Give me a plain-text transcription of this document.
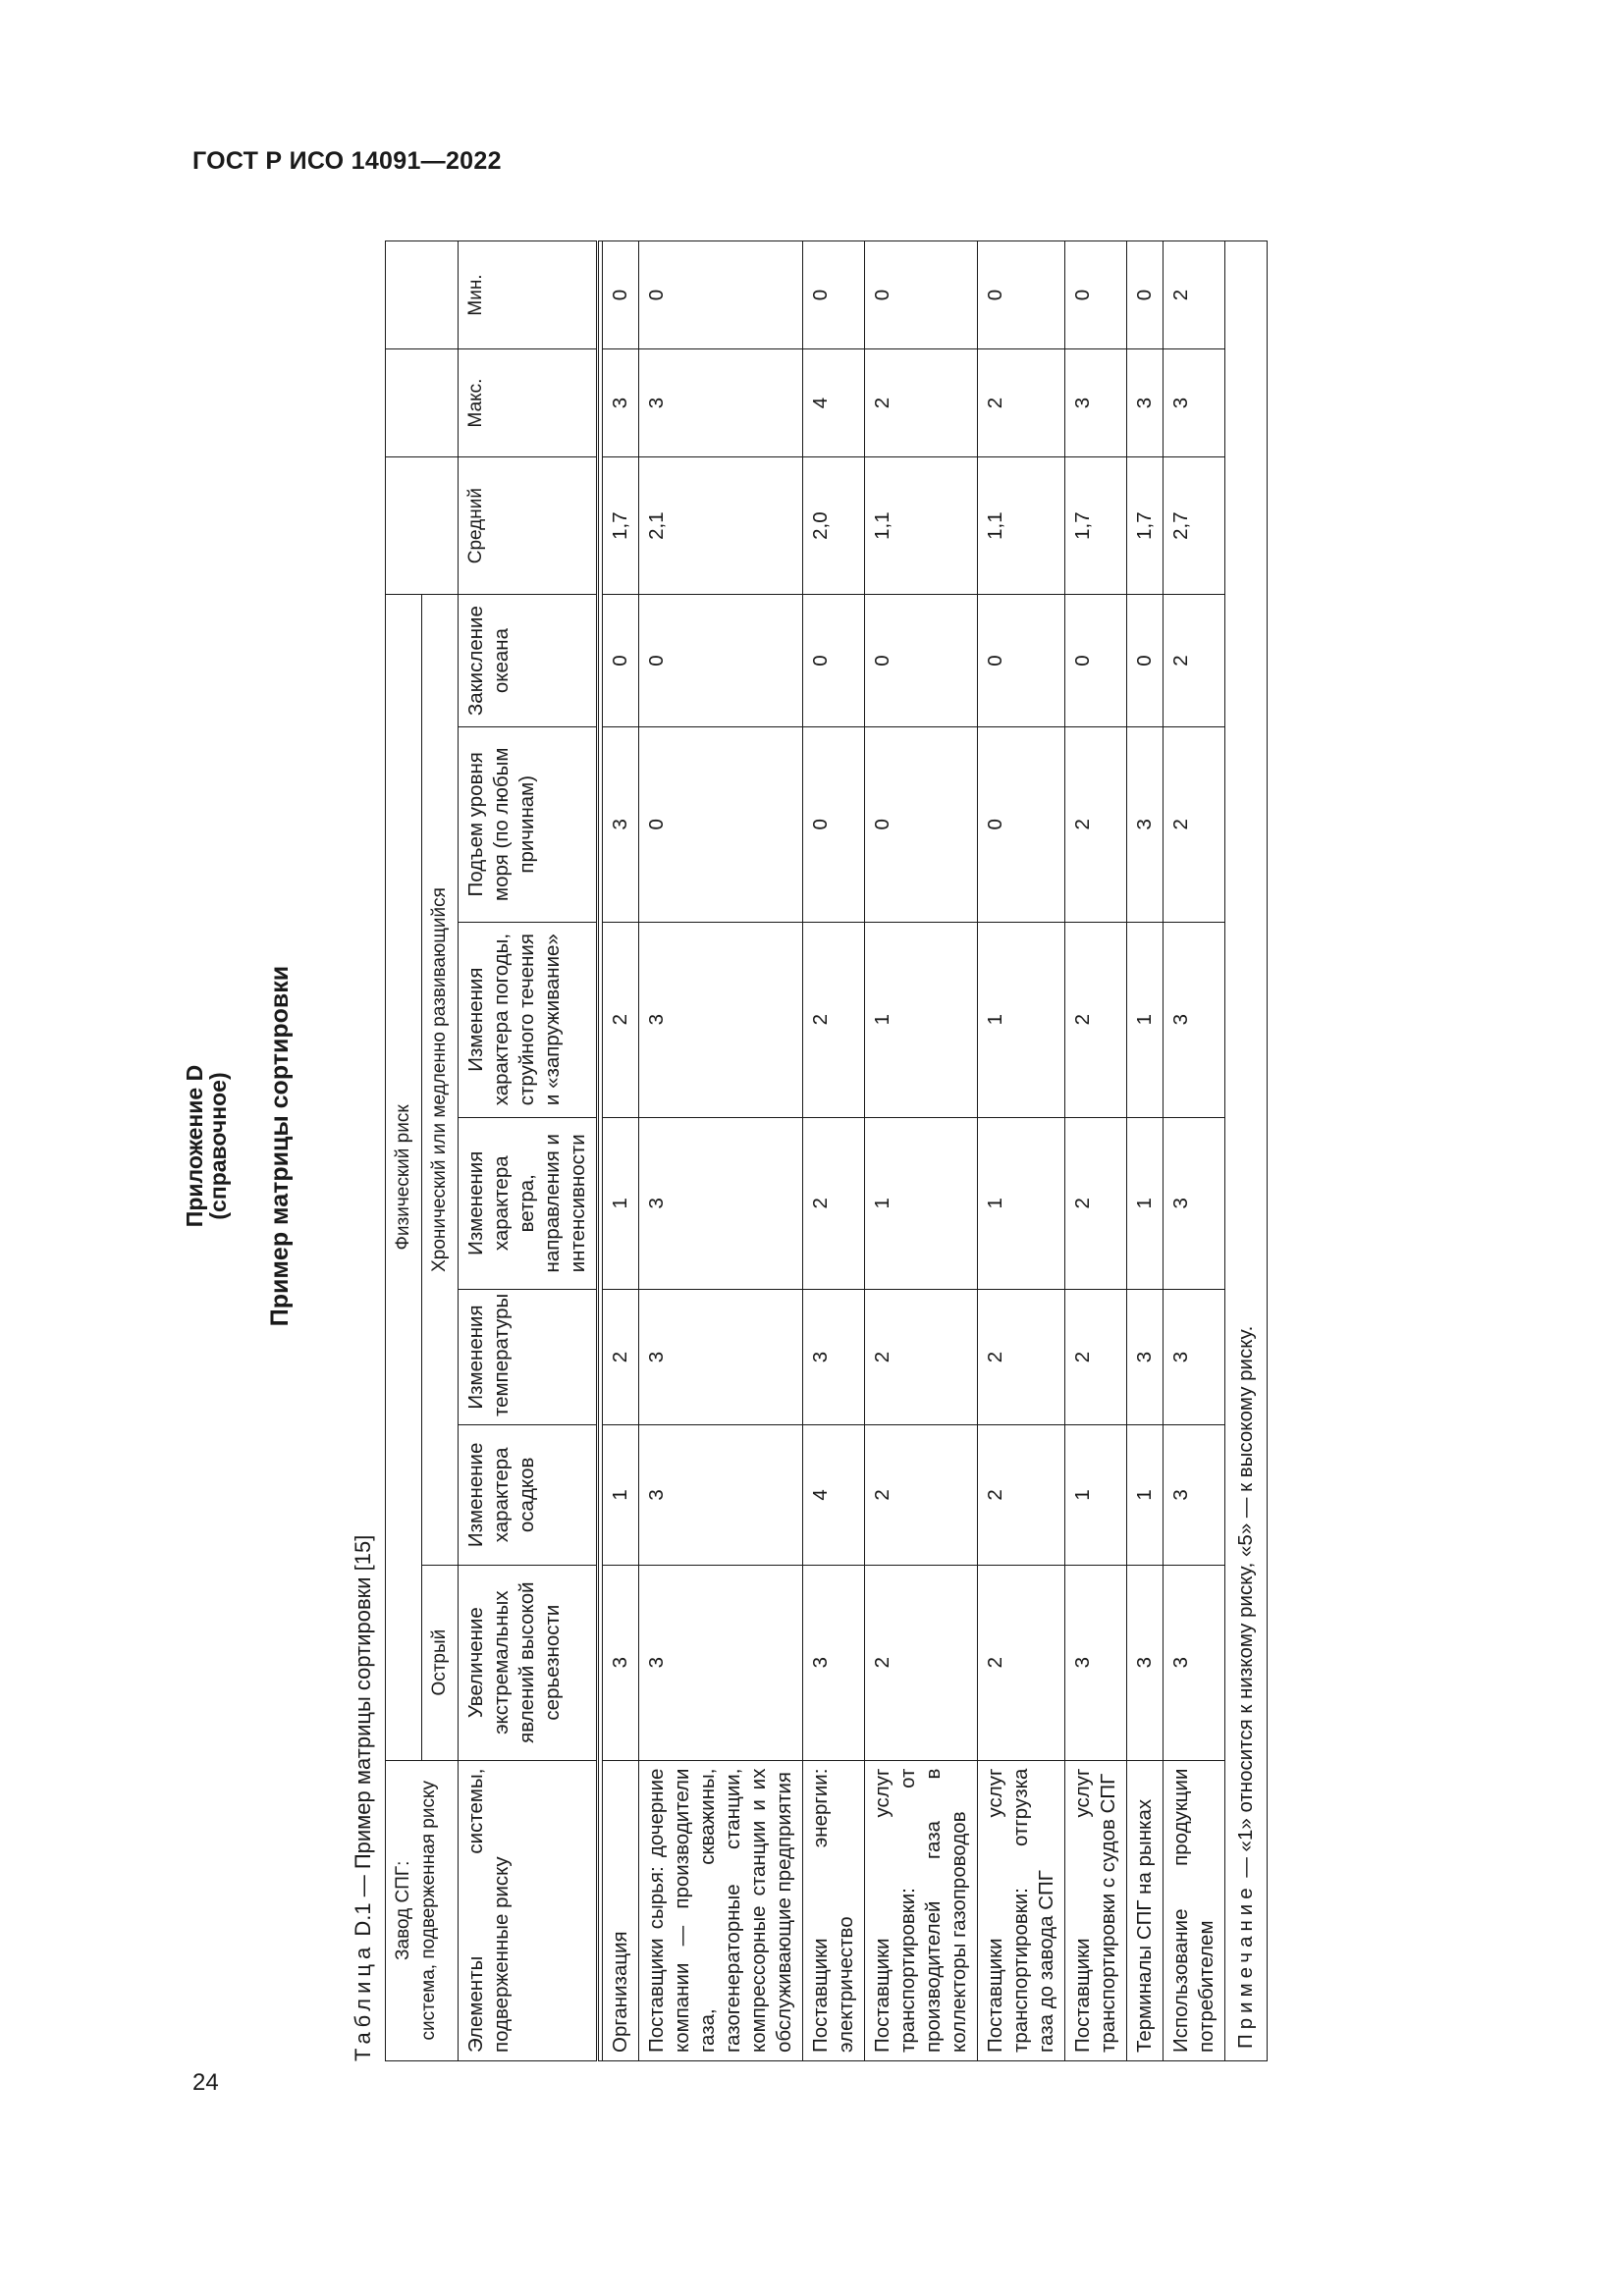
ГОСТ Р ИСО 14091—2022
24
Приложение D
(справочное) Пример матрицы сортировки
Таблица D.1 — Пример матрицы сортировки [15] Завод СПГ: система, подверженная риску	Физический риск									
	Острый	Хронический или медленно развивающийся								
Элементы системы, подверженные риску	Увеличение экстремальных явлений высокой серьезности	Изменение характера осадков	Изменения температуры	Изменения характера ветра, направления и интенсивности	Изменения характера погоды, струйного течения и «запруживание»	Подъем уровня моря (по любым причинам)	Закисление океана	Средний	Макс.	Мин.

Организация	3	1	2	1	2	3	0	1,7	3	0
Поставщики сырья: дочерние компании — производители газа, скважины, газогенераторные станции, компрессорные станции и их обслуживающие предприятия	3	3	3	3	3	0	0	2,1	3	0
Поставщики энергии: электричество	3	4	3	2	2	0	0	2,0	4	0
Поставщики услуг транспортировки: от производителей газа в коллекторы газопроводов	2	2	2	1	1	0	0	1,1	2	0
Поставщики услуг транспортировки: отгрузка газа до завода СПГ	2	2	2	1	1	0	0	1,1	2	0
Поставщики услуг транспортировки с судов СПГ	3	1	2	2	2	2	0	1,7	3	0
Терминалы СПГ на рынках	3	1	3	1	1	3	0	1,7	3	0
Использование продукции потребителем	3	3	3	3	3	2	2	2,7	3	2
Примечание — «1» относится к низкому риску, «5» — к высокому риску.										
